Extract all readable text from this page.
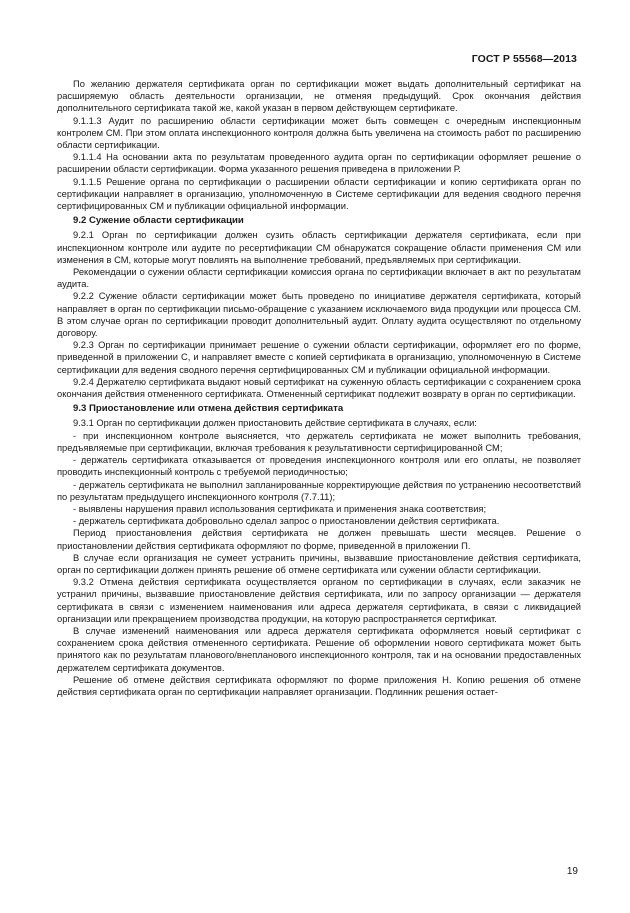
ГОСТ Р 55568—2013

По желанию держателя сертификата орган по сертификации может выдать дополнительный сертификат на расширяемую область деятельности организации, не отменяя предыдущий. Срок окончания действия дополнительного сертификата такой же, какой указан в первом действующем сертификате.

9.1.1.3 Аудит по расширению области сертификации может быть совмещен с очередным инспекционным контролем СМ. При этом оплата инспекционного контроля должна быть увеличена на стоимость работ по расширению области сертификации.

9.1.1.4 На основании акта по результатам проведенного аудита орган по сертификации оформляет решение о расширении области сертификации. Форма указанного решения приведена в приложении Р.

9.1.1.5 Решение органа по сертификации о расширении области сертификации и копию сертификата орган по сертификации направляет в организацию, уполномоченную в Системе сертификации для ведения сводного перечня сертифицированных СМ и публикации официальной информации.

9.2 Сужение области сертификации

9.2.1 Орган по сертификации должен сузить область сертификации держателя сертификата, если при инспекционном контроле или аудите по ресертификации СМ обнаружатся сокращение области применения СМ или изменения в СМ, которые могут повлиять на выполнение требований, предъявляемых при сертификации.

Рекомендации о сужении области сертификации комиссия органа по сертификации включает в акт по результатам аудита.

9.2.2 Сужение области сертификации может быть проведено по инициативе держателя сертификата, который направляет в орган по сертификации письмо-обращение с указанием исключаемого вида продукции или процесса СМ. В этом случае орган по сертификации проводит дополнительный аудит. Оплату аудита осуществляют по отдельному договору.

9.2.3 Орган по сертификации принимает решение о сужении области сертификации, оформляет его по форме, приведенной в приложении С, и направляет вместе с копией сертификата в организацию, уполномоченную в Системе сертификации для ведения сводного перечня сертифицированных СМ и публикации официальной информации.

9.2.4 Держателю сертификата выдают новый сертификат на суженную область сертификации с сохранением срока окончания действия отмененного сертификата. Отмененный сертификат подлежит возврату в орган по сертификации.

9.3 Приостановление или отмена действия сертификата

9.3.1 Орган по сертификации должен приостановить действие сертификата в случаях, если:

- при инспекционном контроле выясняется, что держатель сертификата не может выполнить требования, предъявляемые при сертификации, включая требования к результативности сертифицированной СМ;

- держатель сертификата отказывается от проведения инспекционного контроля или его оплаты, не позволяет проводить инспекционный контроль с требуемой периодичностью;

- держатель сертификата не выполнил запланированные корректирующие действия по устранению несоответствий по результатам предыдущего инспекционного контроля (7.7.11);

- выявлены нарушения правил использования сертификата и применения знака соответствия;

- держатель сертификата добровольно сделал запрос о приостановлении действия сертификата.

Период приостановления действия сертификата не должен превышать шести месяцев. Решение о приостановлении действия сертификата оформляют по форме, приведенной в приложении П.

В случае если организация не сумеет устранить причины, вызвавшие приостановление действия сертификата, орган по сертификации должен принять решение об отмене сертификата или сужении области сертификации.

9.3.2 Отмена действия сертификата осуществляется органом по сертификации в случаях, если заказчик не устранил причины, вызвавшие приостановление действия сертификата, или по запросу организации — держателя сертификата в связи с изменением наименования или адреса держателя сертификата, в связи с ликвидацией организации или прекращением производства продукции, на которую распространяется сертификат.

В случае изменений наименования или адреса держателя сертификата оформляется новый сертификат с сохранением срока действия отмененного сертификата. Решение об оформлении нового сертификата может быть принятого как по результатам планового/внепланового инспекционного контроля, так и на основании предоставленных держателем сертификата документов.

Решение об отмене действия сертификата оформляют по форме приложения Н. Копию решения об отмене действия сертификата орган по сертификации направляет организации. Подлинник решения остает-

19
